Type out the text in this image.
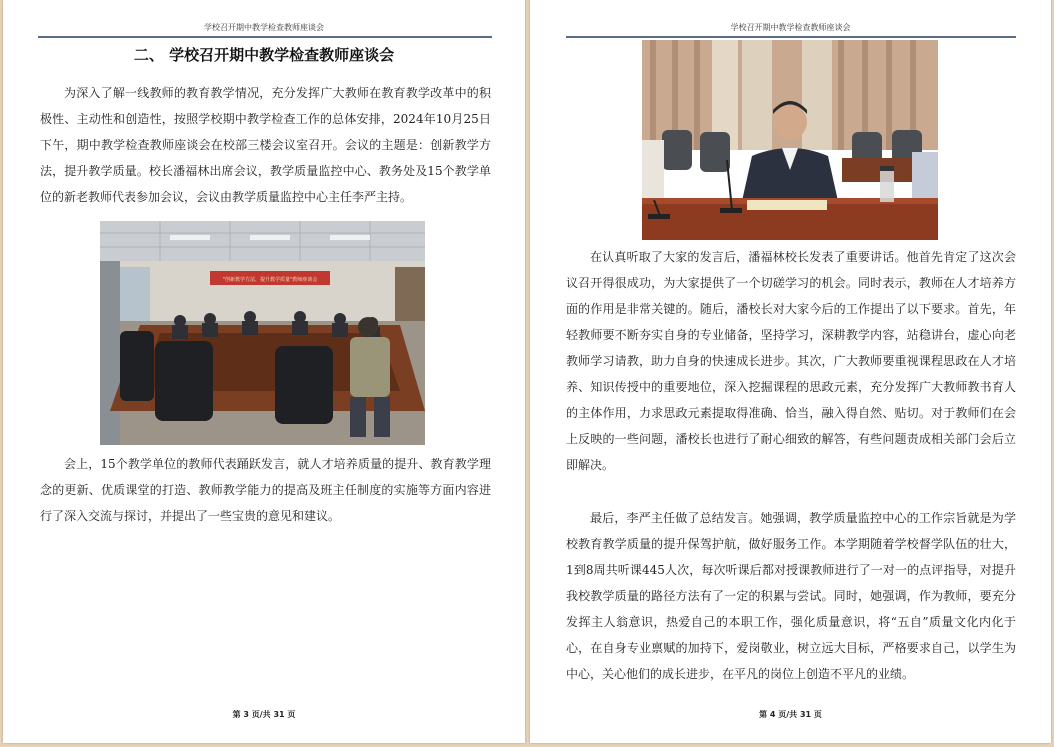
学校召开期中教学检查教师座谈会
二、 学校召开期中教学检查教师座谈会

为深入了解一线教师的教育教学情况，充分发挥广大教师在教育教学改革中的积极性、主动性和创造性，按照学校期中教学检查工作的总体安排，2024年10月25日下午，期中教学检查教师座谈会在校部三楼会议室召开。会议的主题是：创新教学方法，提升教学质量。校长潘福林出席会议，教学质量监控中心、教务处及15个教学单位的新老教师代表参加会议，会议由教学质量监控中心主任李严主持。

"创新教学方法，提升教学质量"教师座谈会

会上，15个教学单位的教师代表踊跃发言，就人才培养质量的提升、教育教学理念的更新、优质课堂的打造、教师教学能力的提高及班主任制度的实施等方面内容进行了深入交流与探讨，并提出了一些宝贵的意见和建议。

第 3 页/共 31 页
学校召开期中教学检查教师座谈会

在认真听取了大家的发言后，潘福林校长发表了重要讲话。他首先肯定了这次会议召开得很成功，为大家提供了一个切磋学习的机会。同时表示，教师在人才培养方面的作用是非常关键的。随后，潘校长对大家今后的工作提出了以下要求。首先，年轻教师要不断夯实自身的专业储备，坚持学习，深耕教学内容，站稳讲台，虚心向老教师学习请教，助力自身的快速成长进步。其次，广大教师要重视课程思政在人才培养、知识传授中的重要地位，深入挖掘课程的思政元素，充分发挥广大教师教书育人的主体作用，力求思政元素提取得准确、恰当，融入得自然、贴切。对于教师们在会上反映的一些问题，潘校长也进行了耐心细致的解答，有些问题责成相关部门会后立即解决。

最后，李严主任做了总结发言。她强调，教学质量监控中心的工作宗旨就是为学校教育教学质量的提升保驾护航，做好服务工作。本学期随着学校督学队伍的壮大，1到8周共听课445人次，每次听课后都对授课教师进行了一对一的点评指导，对提升我校教学质量的路径方法有了一定的积累与尝试。同时，她强调，作为教师，要充分发挥主人翁意识，热爱自己的本职工作，强化质量意识，将“五自”质量文化内化于心，在自身专业禀赋的加持下，爱岗敬业，树立远大目标，严格要求自己，以学生为中心，关心他们的成长进步，在平凡的岗位上创造不平凡的业绩。

第 4 页/共 31 页
